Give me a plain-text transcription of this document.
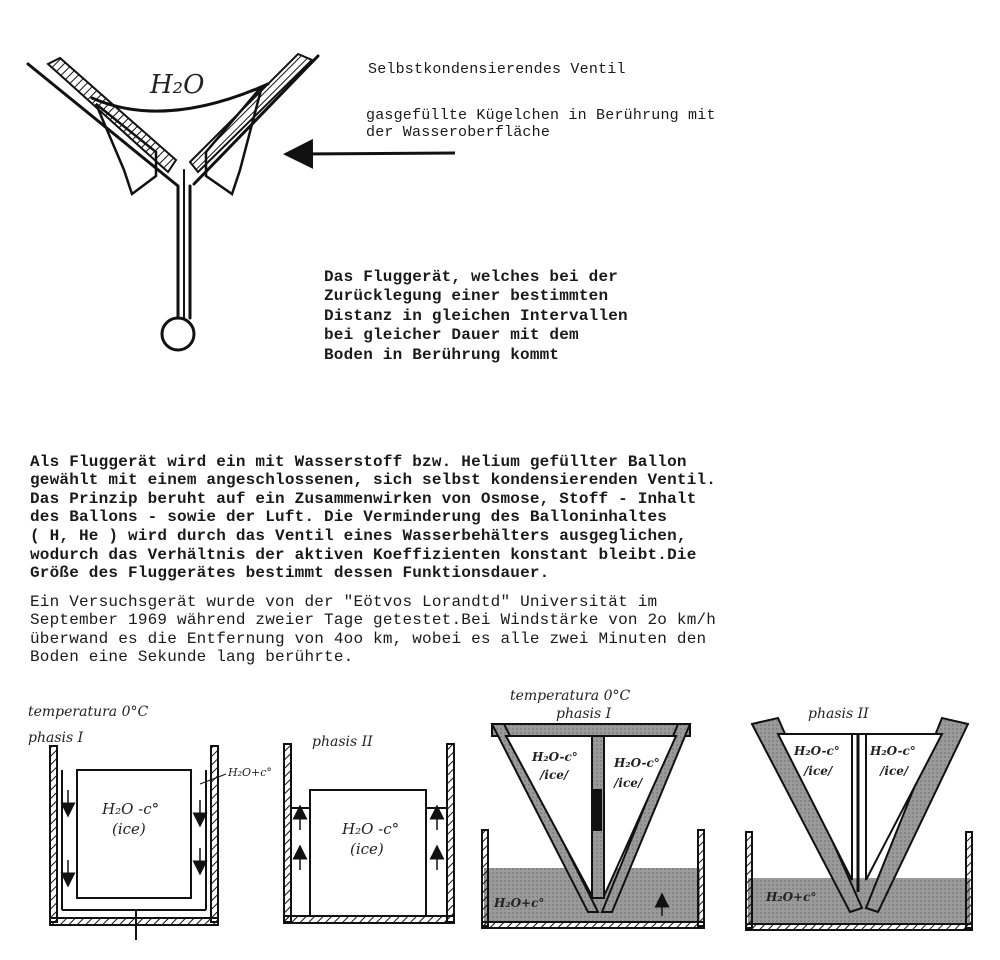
H₂O
Selbstkondensierendes Ventil

gasgefüllte Kügelchen in Berührung mit
der Wasseroberfläche

Das Fluggerät, welches bei der
Zurücklegung einer bestimmten
Distanz in gleichen Intervallen
bei gleicher Dauer mit dem
Boden in Berührung kommt

Als Fluggerät wird ein mit Wasserstoff bzw. Helium gefüllter Ballon
gewählt mit einem angeschlossenen, sich selbst kondensierenden Ventil.
Das Prinzip beruht auf ein Zusammenwirken von Osmose, Stoff - Inhalt
des Ballons - sowie der Luft. Die Verminderung des Balloninhaltes
( H, He ) wird durch das Ventil eines Wasserbehälters ausgeglichen,
wodurch das Verhältnis der aktiven Koeffizienten konstant bleibt.Die
Größe des Fluggerätes bestimmt dessen Funktionsdauer.

Ein Versuchsgerät wurde von der "Eötvos Lorandtd" Universität im
September 1969 während zweier Tage getestet.Bei Windstärke von 2o km/h
überwand es die Entfernung von 4oo km, wobei es alle zwei Minuten den
Boden eine Sekunde lang berührte.

temperatura 0°C
phasis I
H₂O+c°
H₂O -c°
(ice)
phasis II
H₂O -c°
(ice)
temperatura 0°C
phasis I
H₂O-c°
/ice/
H₂O-c°
/ice/
H₂O+c°
phasis II
H₂O-c°
/ice/
H₂O-c°
/ice/
H₂O+c°
